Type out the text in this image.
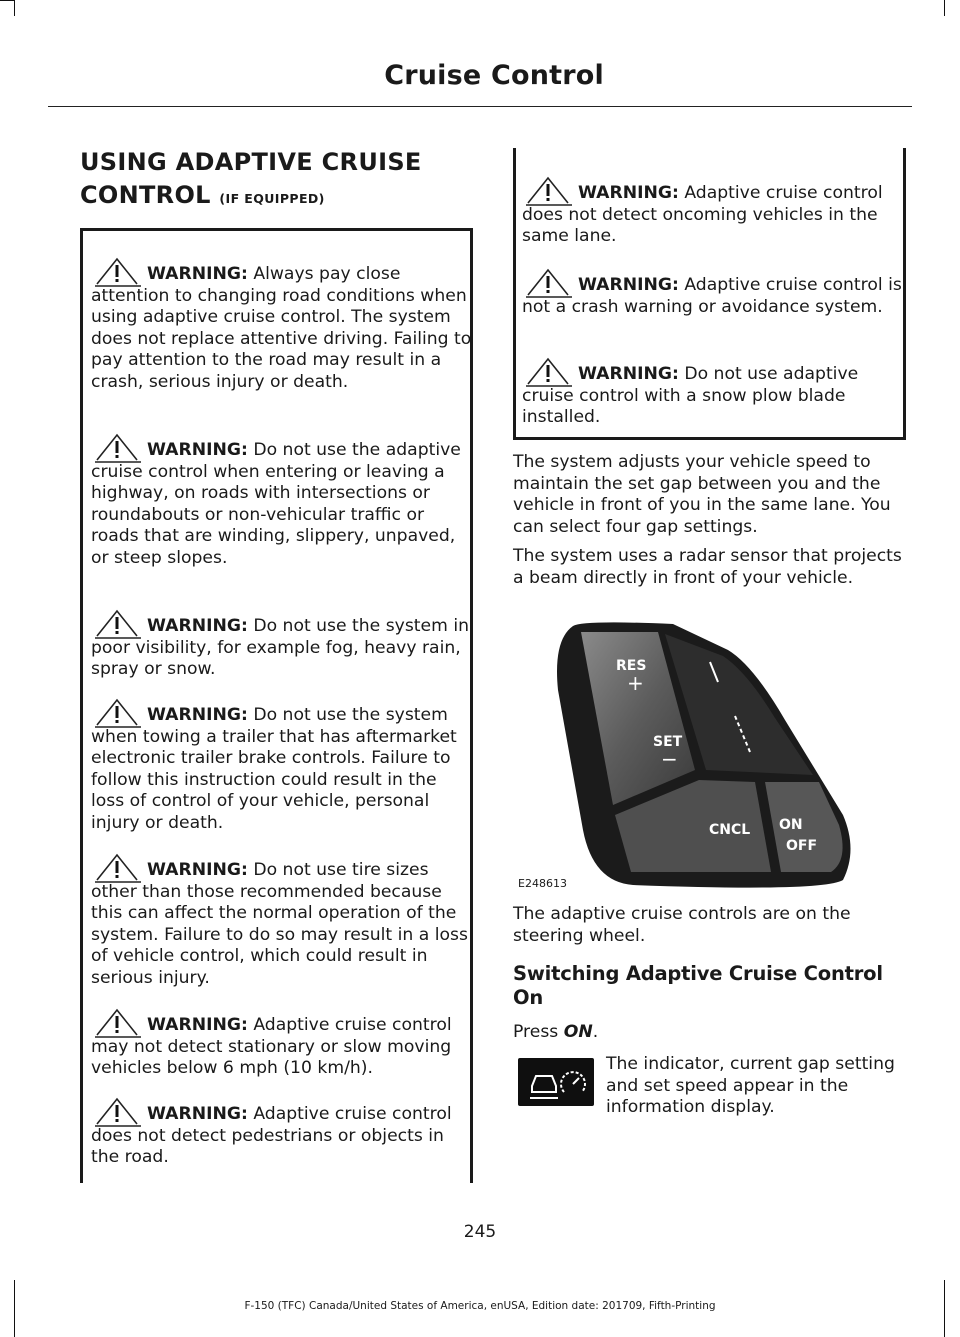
Cruise Control
USING ADAPTIVE CRUISE
CONTROL (IF EQUIPPED)
WARNING: Always pay close attention to changing road conditions when using adaptive cruise control. The system does not replace attentive driving. Failing to pay attention to the road may result in a crash, serious injury or death.
WARNING: Do not use the adaptive cruise control when entering or leaving a highway, on roads with intersections or roundabouts or non-vehicular traffic or roads that are winding, slippery, unpaved, or steep slopes.
WARNING: Do not use the system in poor visibility, for example fog, heavy rain, spray or snow.
WARNING: Do not use the system when towing a trailer that has aftermarket electronic trailer brake controls. Failure to follow this instruction could result in the loss of control of your vehicle, personal injury or death.
WARNING: Do not use tire sizes other than those recommended because this can affect the normal operation of the system. Failure to do so may result in a loss of vehicle control, which could result in serious injury.
WARNING: Adaptive cruise control may not detect stationary or slow moving vehicles below 6 mph (10 km/h).
WARNING: Adaptive cruise control does not detect pedestrians or objects in the road.
WARNING: Adaptive cruise control does not detect oncoming vehicles in the same lane.
WARNING: Adaptive cruise control is not a crash warning or avoidance system.
WARNING: Do not use adaptive cruise control with a snow plow blade installed.
The system adjusts your vehicle speed to maintain the set gap between you and the vehicle in front of you in the same lane. You can select four gap settings.
The system uses a radar sensor that projects a beam directly in front of your vehicle.
RES
+
SET
−
CNCL ON
OFF
E248613
The adaptive cruise controls are on the steering wheel.
Switching Adaptive Cruise Control On
Press ON.
The indicator, current gap setting and set speed appear in the information display.
245
F-150 (TFC) Canada/United States of America, enUSA, Edition date: 201709, Fifth-Printing
